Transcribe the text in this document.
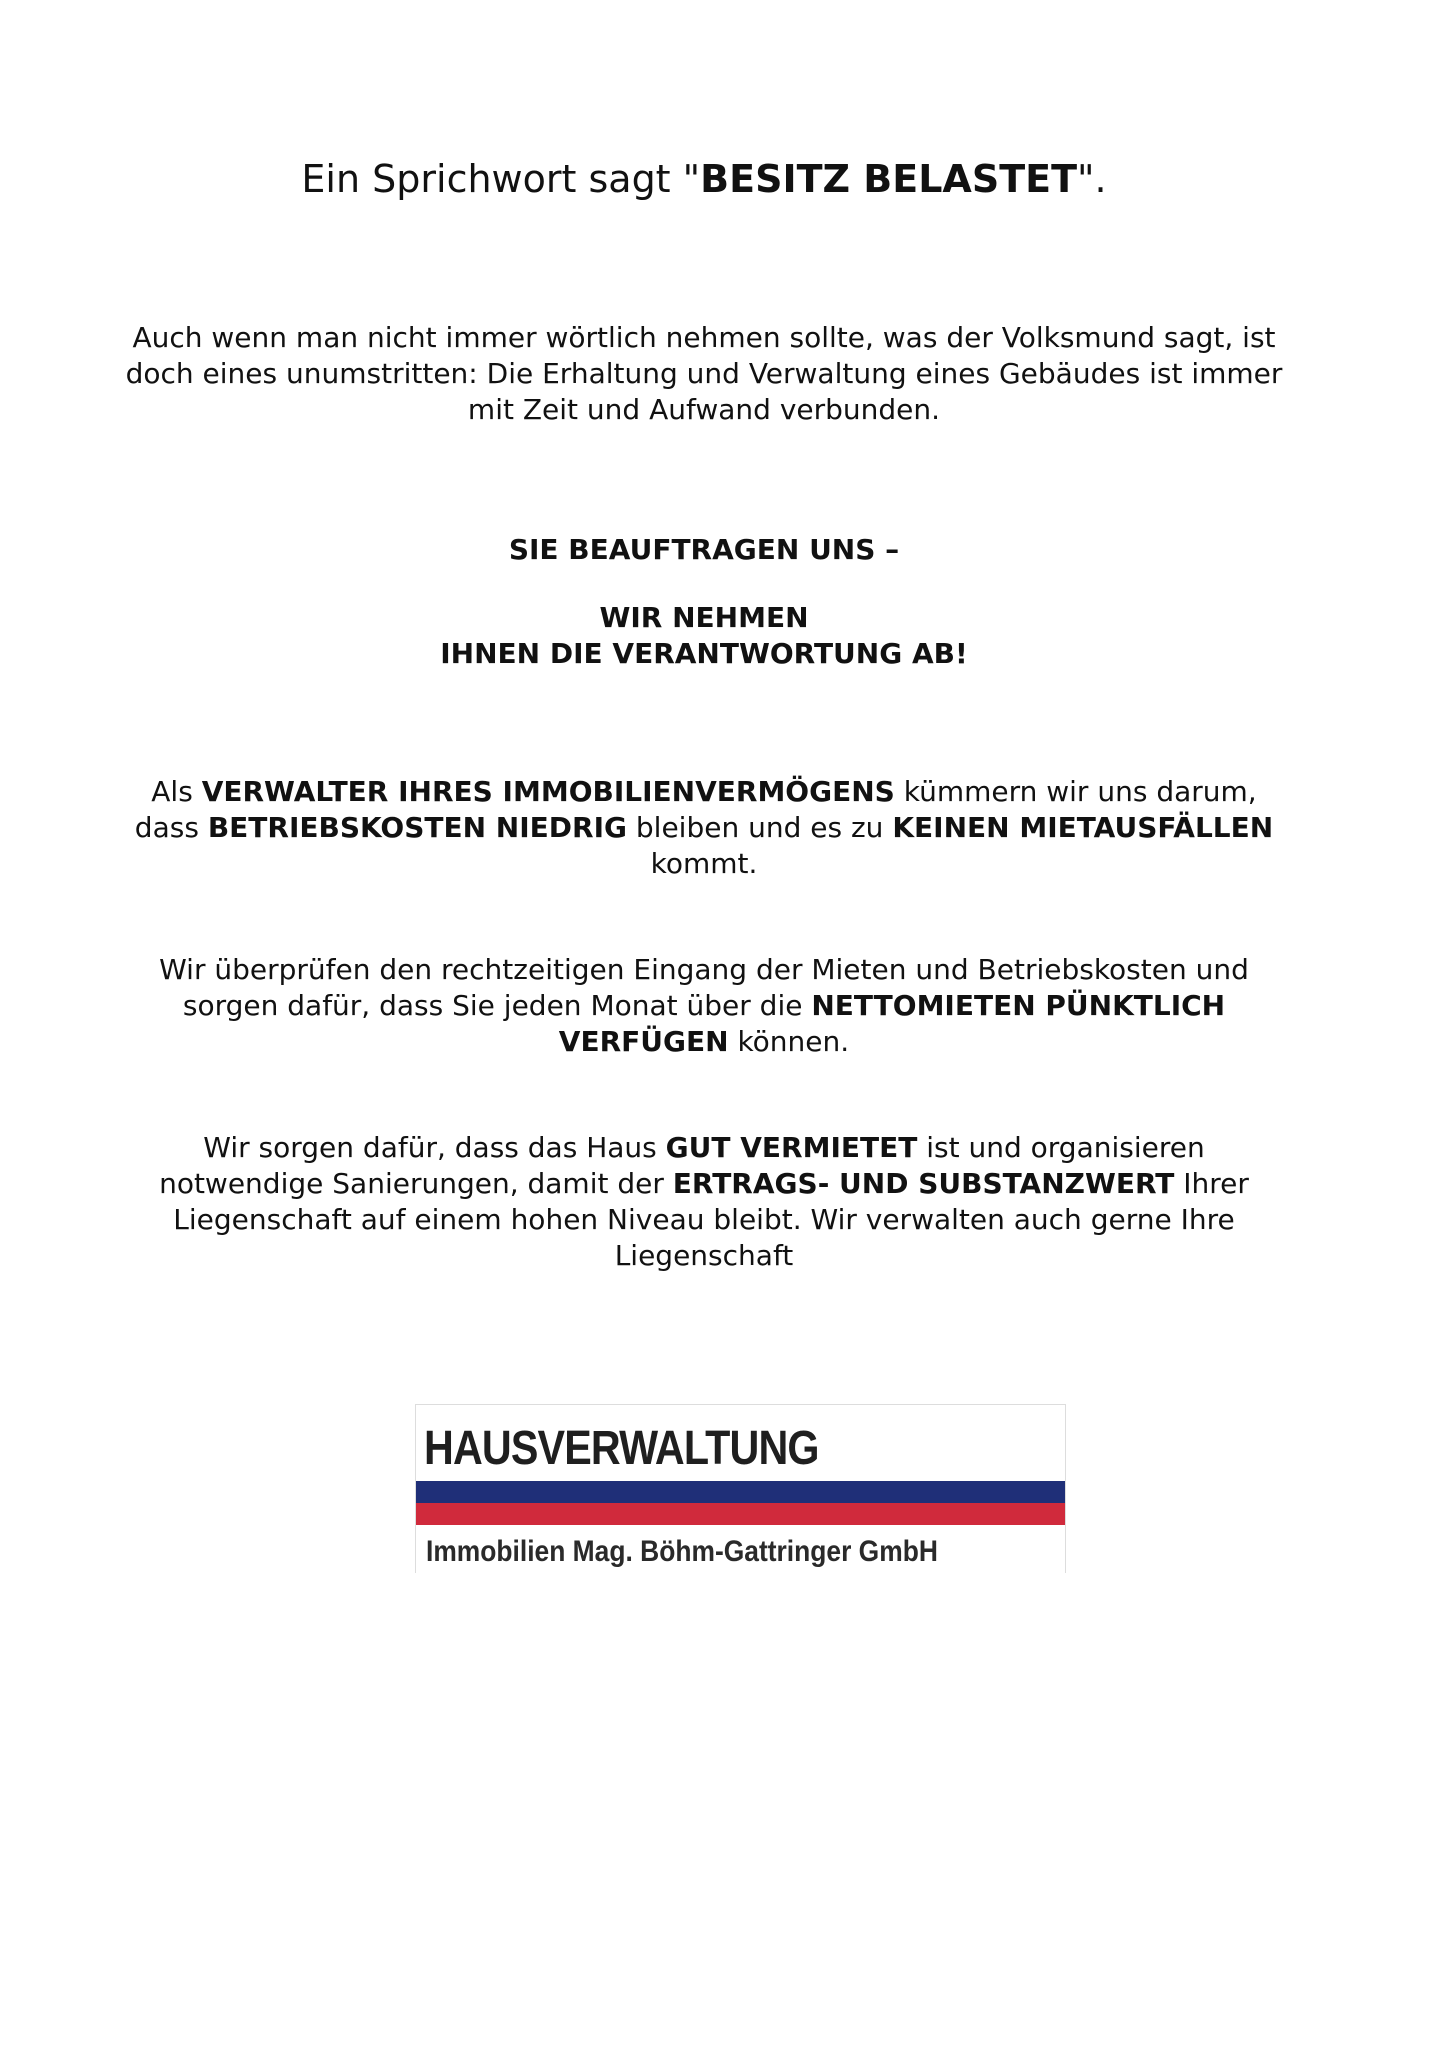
Ein Sprichwort sagt "BESITZ BELASTET".
Auch wenn man nicht immer wörtlich nehmen sollte, was der Volksmund sagt, ist
doch eines unumstritten: Die Erhaltung und Verwaltung eines Gebäudes ist immer
mit Zeit und Aufwand verbunden.
SIE BEAUFTRAGEN UNS –
WIR NEHMEN
IHNEN DIE VERANTWORTUNG AB!
Als VERWALTER IHRES IMMOBILIENVERMÖGENS kümmern wir uns darum,
dass BETRIEBSKOSTEN NIEDRIG bleiben und es zu KEINEN MIETAUSFÄLLEN
kommt.
Wir überprüfen den rechtzeitigen Eingang der Mieten und Betriebskosten und
sorgen dafür, dass Sie jeden Monat über die NETTOMIETEN PÜNKTLICH
VERFÜGEN können.
Wir sorgen dafür, dass das Haus GUT VERMIETET ist und organisieren
notwendige Sanierungen, damit der ERTRAGS- UND SUBSTANZWERT Ihrer
Liegenschaft auf einem hohen Niveau bleibt. Wir verwalten auch gerne Ihre
Liegenschaft
HAUSVERWALTUNG
Immobilien Mag. Böhm-Gattringer GmbH
